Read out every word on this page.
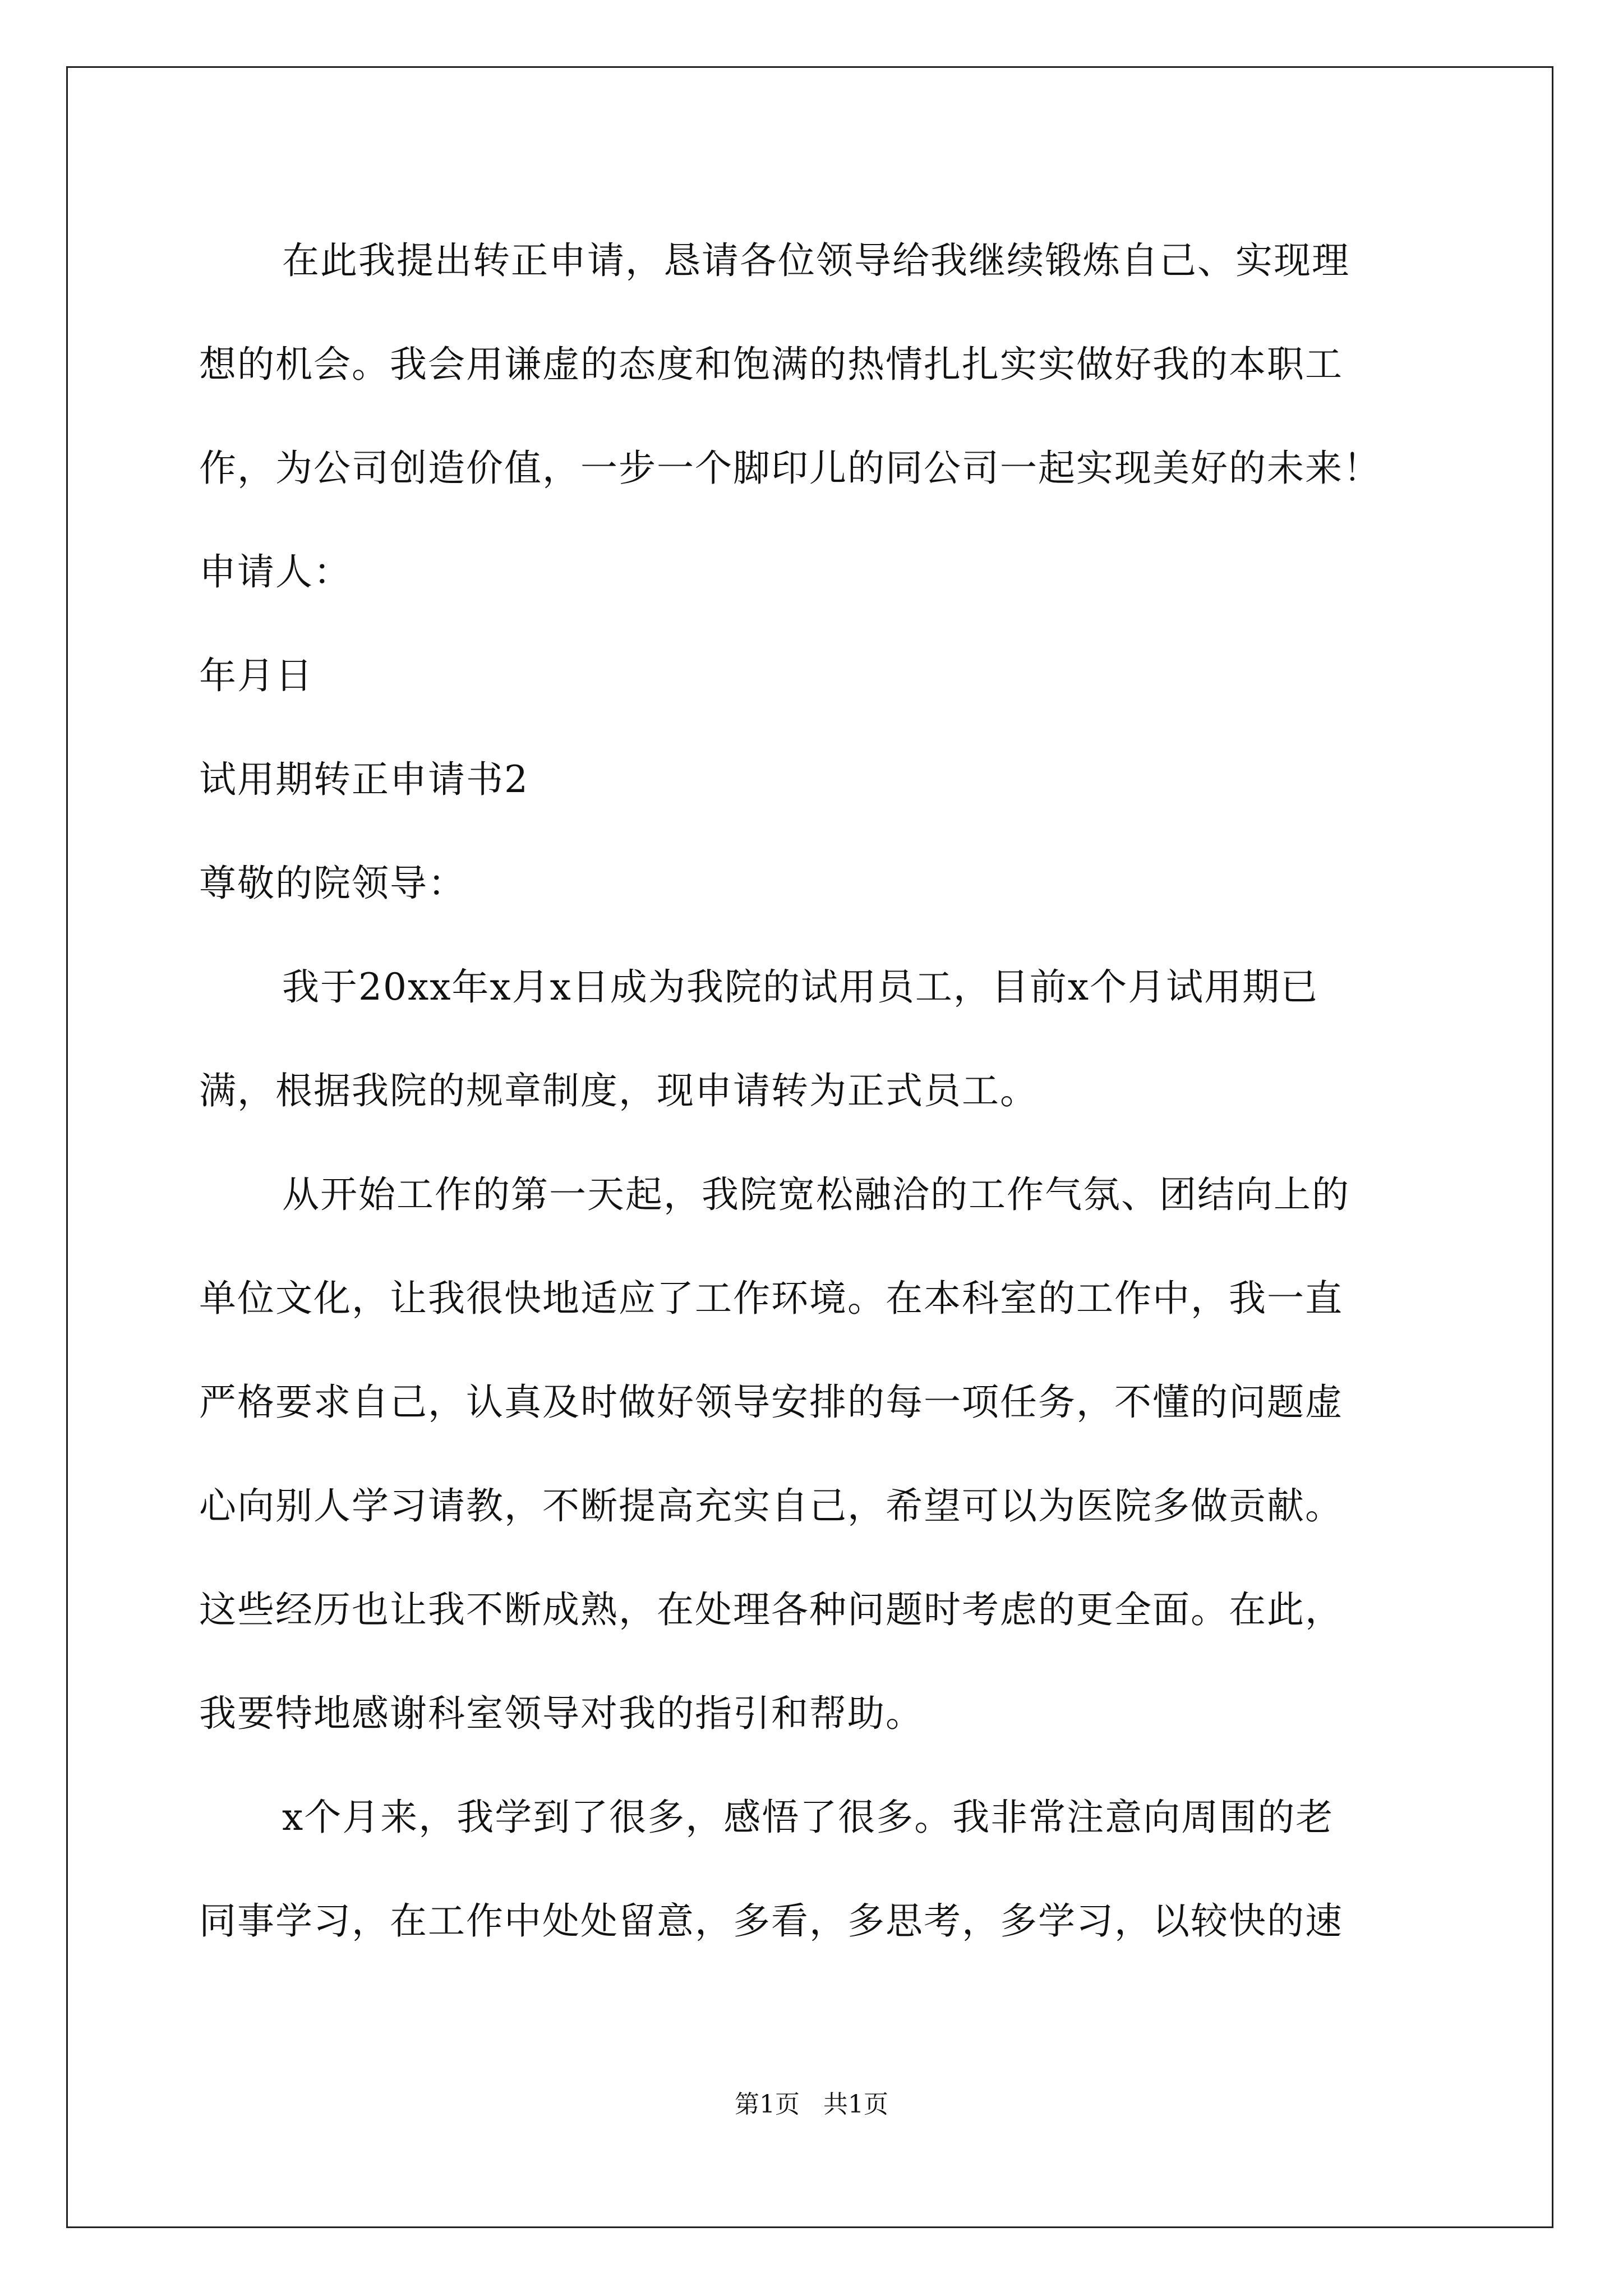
在此我提出转正申请，恳请各位领导给我继续锻炼自己、实现理
想的机会。我会用谦虚的态度和饱满的热情扎扎实实做好我的本职工
作，为公司创造价值，一步一个脚印儿的同公司一起实现美好的未来！
申请人：
年月日
试用期转正申请书2
尊敬的院领导：
我于20xx年x月x日成为我院的试用员工，目前x个月试用期已
满，根据我院的规章制度，现申请转为正式员工。
从开始工作的第一天起，我院宽松融洽的工作气氛、团结向上的
单位文化，让我很快地适应了工作环境。在本科室的工作中，我一直
严格要求自己，认真及时做好领导安排的每一项任务，不懂的问题虚
心向别人学习请教，不断提高充实自己，希望可以为医院多做贡献。
这些经历也让我不断成熟，在处理各种问题时考虑的更全面。在此，
我要特地感谢科室领导对我的指引和帮助。
x个月来，我学到了很多，感悟了很多。我非常注意向周围的老
同事学习，在工作中处处留意，多看，多思考，多学习，以较快的速
第1页   共1页
